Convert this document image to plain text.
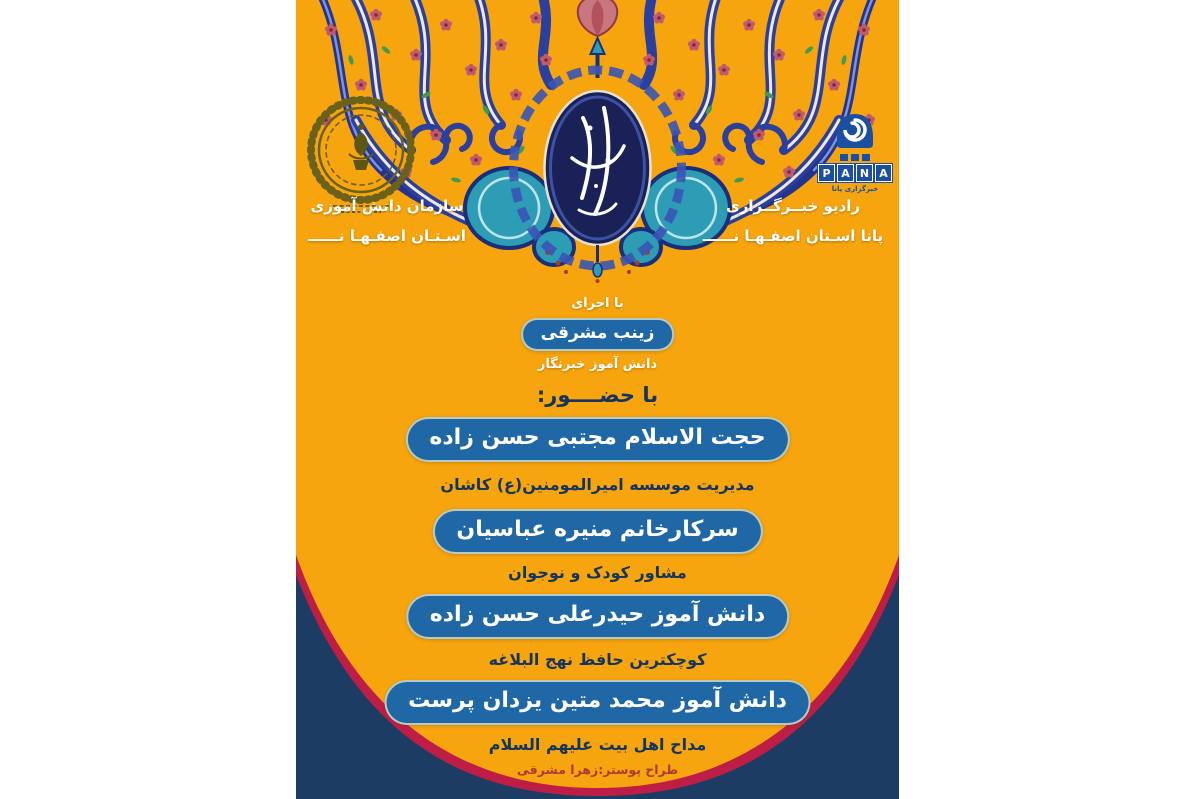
P A N A
خبرگزاری پانا
سازمان دانش آموزی
اسـتـان اصفـهـا نــــــ
رادیو خبــرگــزاری
پانا اسـتان اصفـهـا نــــــ
با اجرای
زینب مشرقی
دانش آموز خبرنگار
با حضــــور:
حجت الاسلام مجتبی حسن زاده
مدیریت موسسه امیرالمومنین(ع) کاشان
سرکارخانم منیره عباسیان
مشاور کودک و نوجوان
دانش آموز حیدرعلی حسن زاده
کوچکترین حافظ نهج البلاغه
دانش آموز محمد متین یزدان پرست
مداح اهل بیت علیهم السلام
طراح پوستر:زهرا مشرقی
